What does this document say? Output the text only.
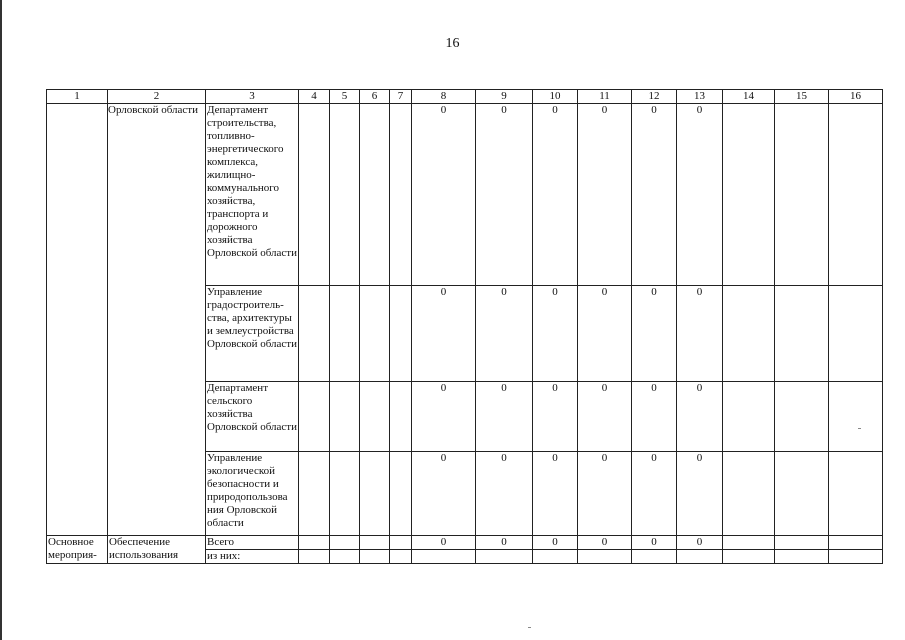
16
1	2	3	4	5	6	7	8	9	10	11	12	13	14	15	16
	Орловской области	Департамент строительства, топливно-энергетического комплекса, жилищно-коммунального хозяйства, транспорта и дорожного хозяйства Орловской области					0	0	0	0	0	0			
		Управление градостроитель-ства, архитектуры и землеустройства Орловской области					0	0	0	0	0	0			
		Департамент сельского хозяйства Орловской области					0	0	0	0	0	0			
		Управление экологической безопасности и природопользова ния Орловской области					0	0	0	0	0	0			
Основное мероприя-	Обеспечение использования	Всего					0	0	0	0	0	0			
		из них:													
